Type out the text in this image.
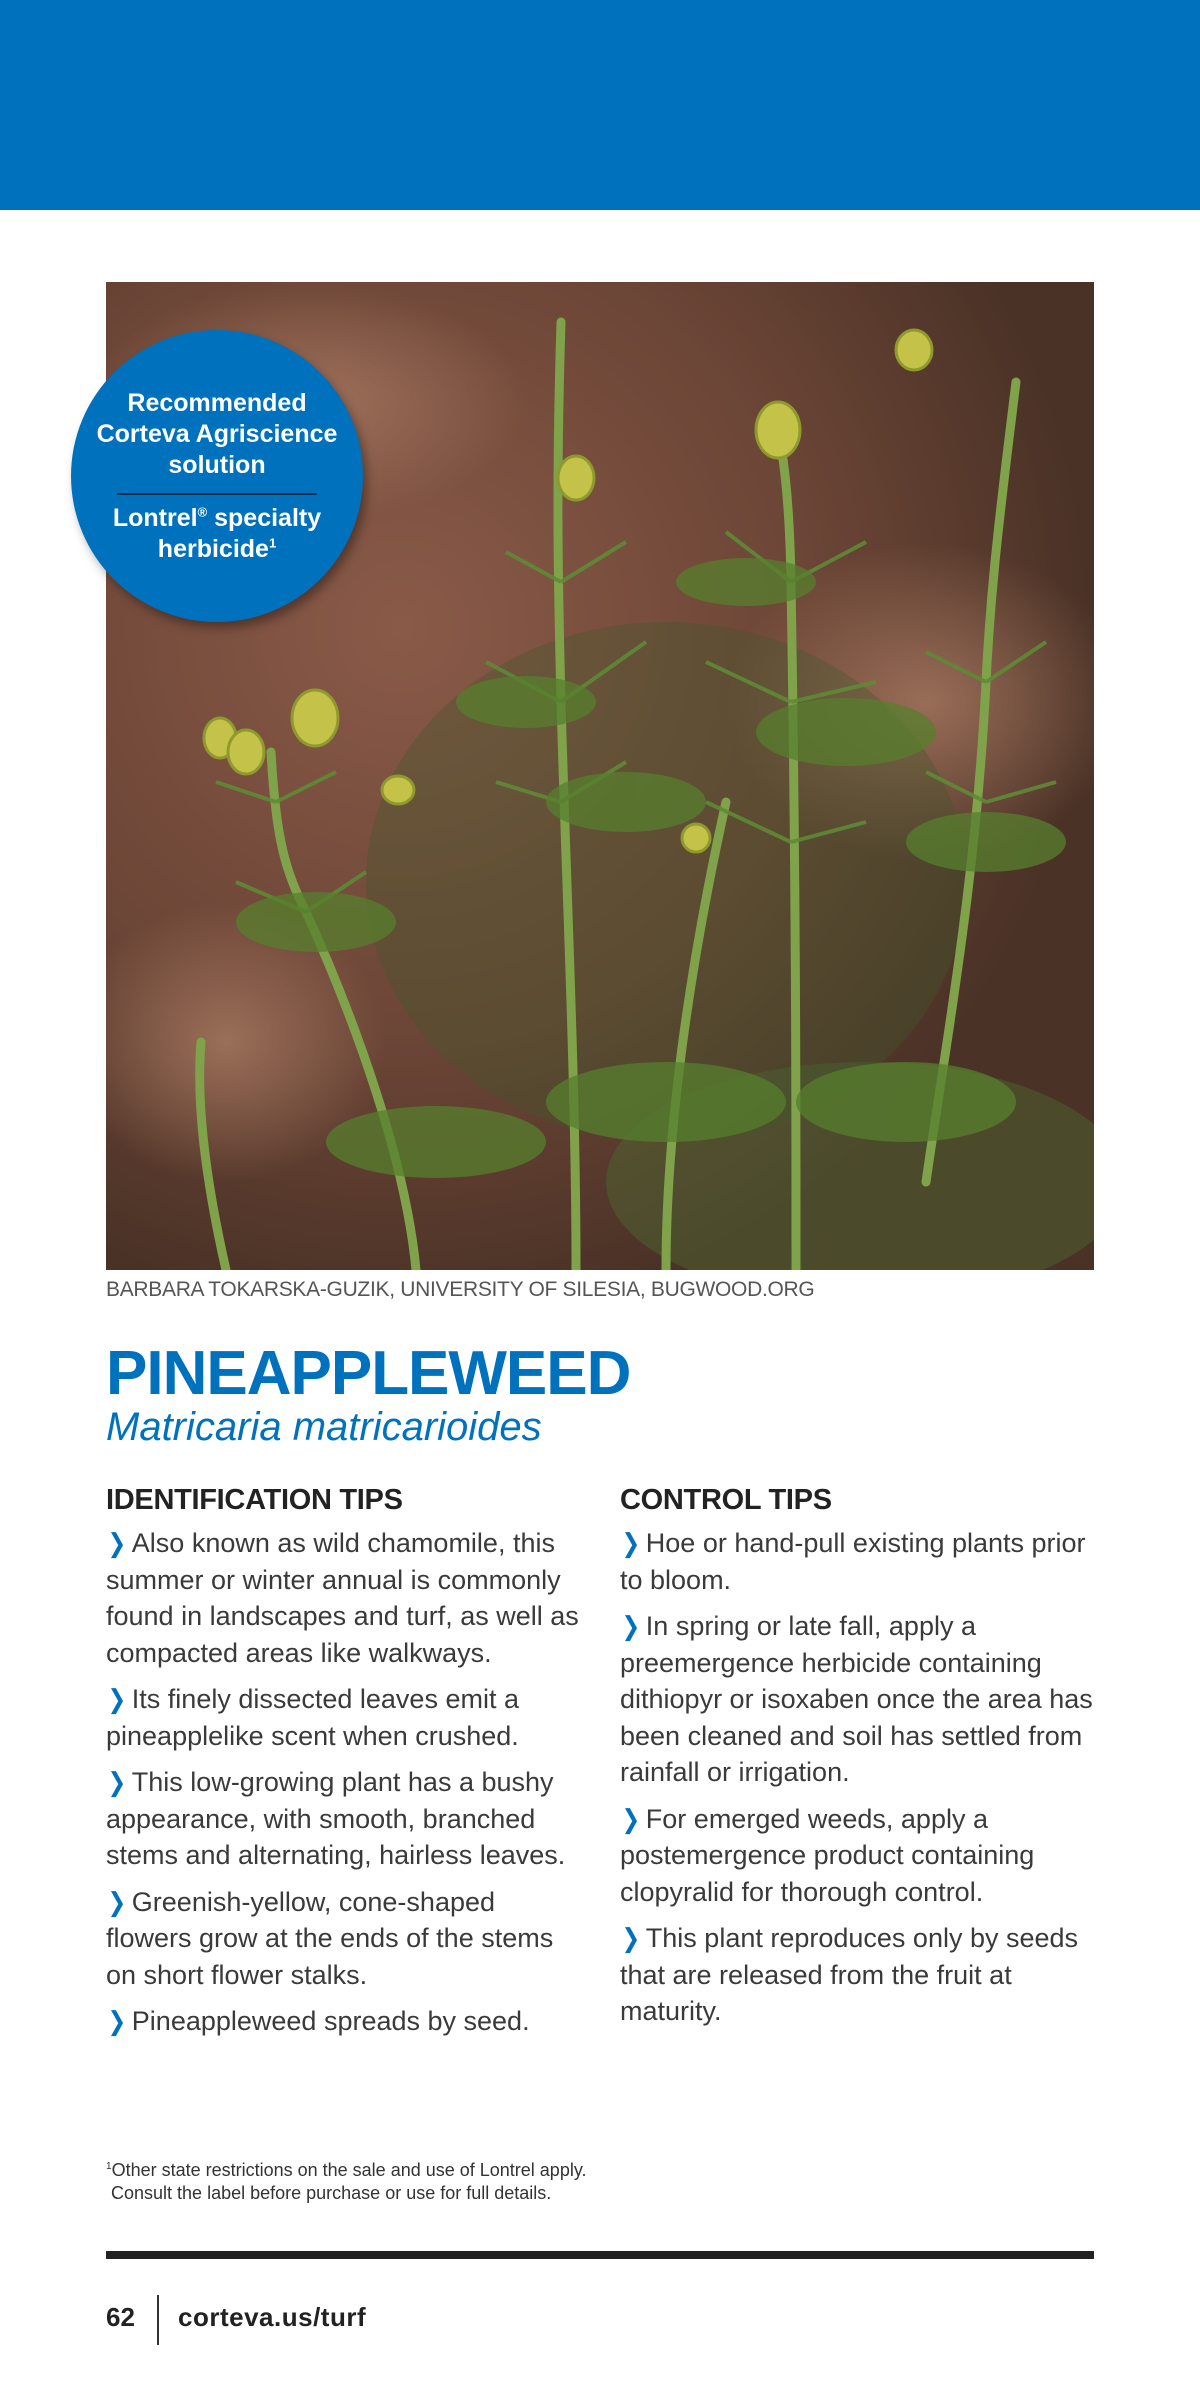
Recommended Corteva Agriscience solution
Lontrel® specialty herbicide$^1$
BARBARA TOKARSKA-GUZIK, UNIVERSITY OF SILESIA, BUGWOOD.ORG
PINEAPPLEWEED
Matricaria matricarioides
IDENTIFICATION TIPS

❯ Also known as wild chamomile, this summer or winter annual is commonly found in landscapes and turf, as well as compacted areas like walkways.

❯ Its finely dissected leaves emit a pineapplelike scent when crushed.

❯ This low-growing plant has a bushy appearance, with smooth, branched stems and alternating, hairless leaves.

❯ Greenish-yellow, cone-shaped flowers grow at the ends of the stems on short flower stalks.

❯ Pineappleweed spreads by seed.

CONTROL TIPS

❯ Hoe or hand-pull existing plants prior to bloom.

❯ In spring or late fall, apply a preemergence herbicide containing dithiopyr or isoxaben once the area has been cleaned and soil has settled from rainfall or irrigation.

❯ For emerged weeds, apply a postemergence product containing clopyralid for thorough control.

❯ This plant reproduces only by seeds that are released from the fruit at maturity.

$^1$Other state restrictions on the sale and use of Lontrel apply.
Consult the label before purchase or use for full details.
62 corteva.us/turf
